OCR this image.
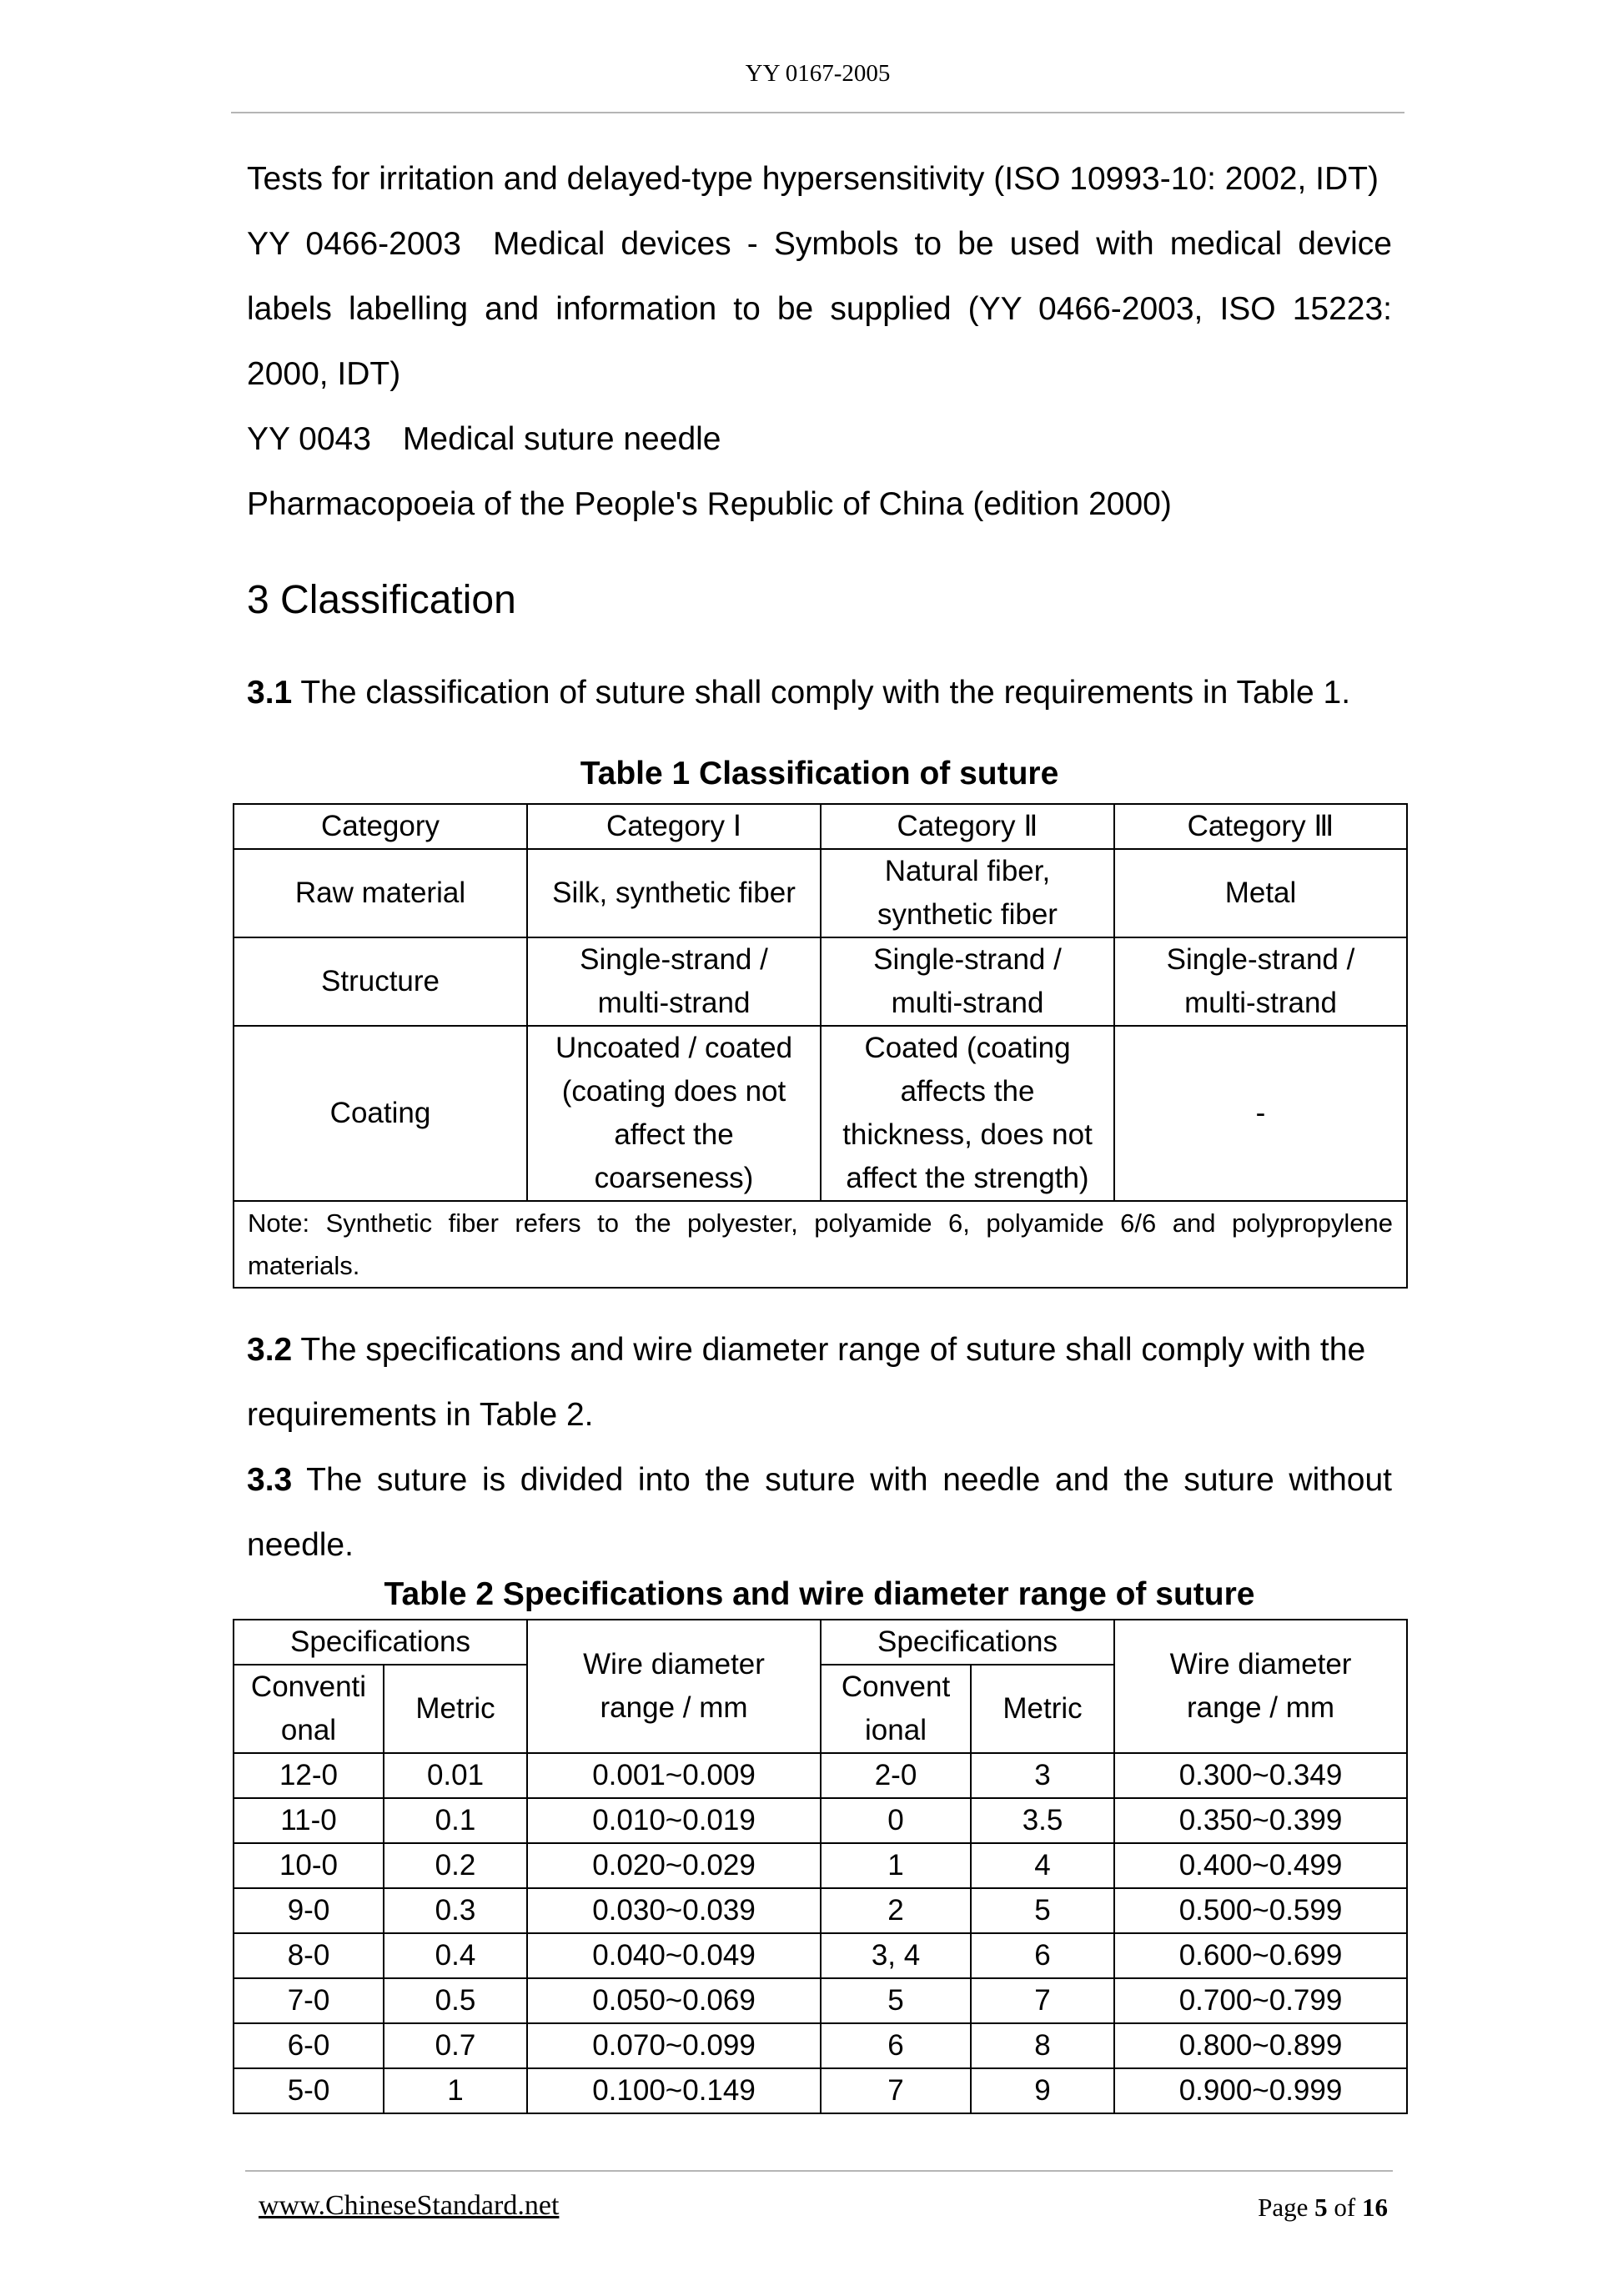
YY 0167-2005

Tests for irritation and delayed-type hypersensitivity (ISO 10993-10: 2002, IDT)

YY 0466-2003 Medical devices - Symbols to be used with medical device labels labelling and information to be supplied (YY 0466-2003, ISO 15223: 2000, IDT)

YY 0043 Medical suture needle

Pharmacopoeia of the People's Republic of China (edition 2000)

3 Classification

3.1 The classification of suture shall comply with the requirements in Table 1.

Table 1 Classification of suture

Category	Category Ⅰ	Category Ⅱ	Category Ⅲ
Raw material	Silk, synthetic fiber	Natural fiber, synthetic fiber	Metal
Structure	Single-strand / multi-strand	Single-strand / multi-strand	Single-strand / multi-strand
Coating	Uncoated / coated (coating does not affect the coarseness)	Coated (coating affects the thickness, does not affect the strength)	-
Note: Synthetic fiber refers to the polyester, polyamide 6, polyamide 6/6 and polypropylene materials.			

3.2 The specifications and wire diameter range of suture shall comply with the requirements in Table 2.

3.3 The suture is divided into the suture with needle and the suture without needle.

Table 2 Specifications and wire diameter range of suture

Specifications		Wire diameter range / mm	Specifications		Wire diameter range / mm
Conventi onal	Metric		Convent ional	Metric	
12-0	0.01	0.001~0.009	2-0	3	0.300~0.349
11-0	0.1	0.010~0.019	0	3.5	0.350~0.399
10-0	0.2	0.020~0.029	1	4	0.400~0.499
9-0	0.3	0.030~0.039	2	5	0.500~0.599
8-0	0.4	0.040~0.049	3, 4	6	0.600~0.699
7-0	0.5	0.050~0.069	5	7	0.700~0.799
6-0	0.7	0.070~0.099	6	8	0.800~0.899
5-0	1	0.100~0.149	7	9	0.900~0.999
www.ChineseStandard.net	Page 5 of 16
